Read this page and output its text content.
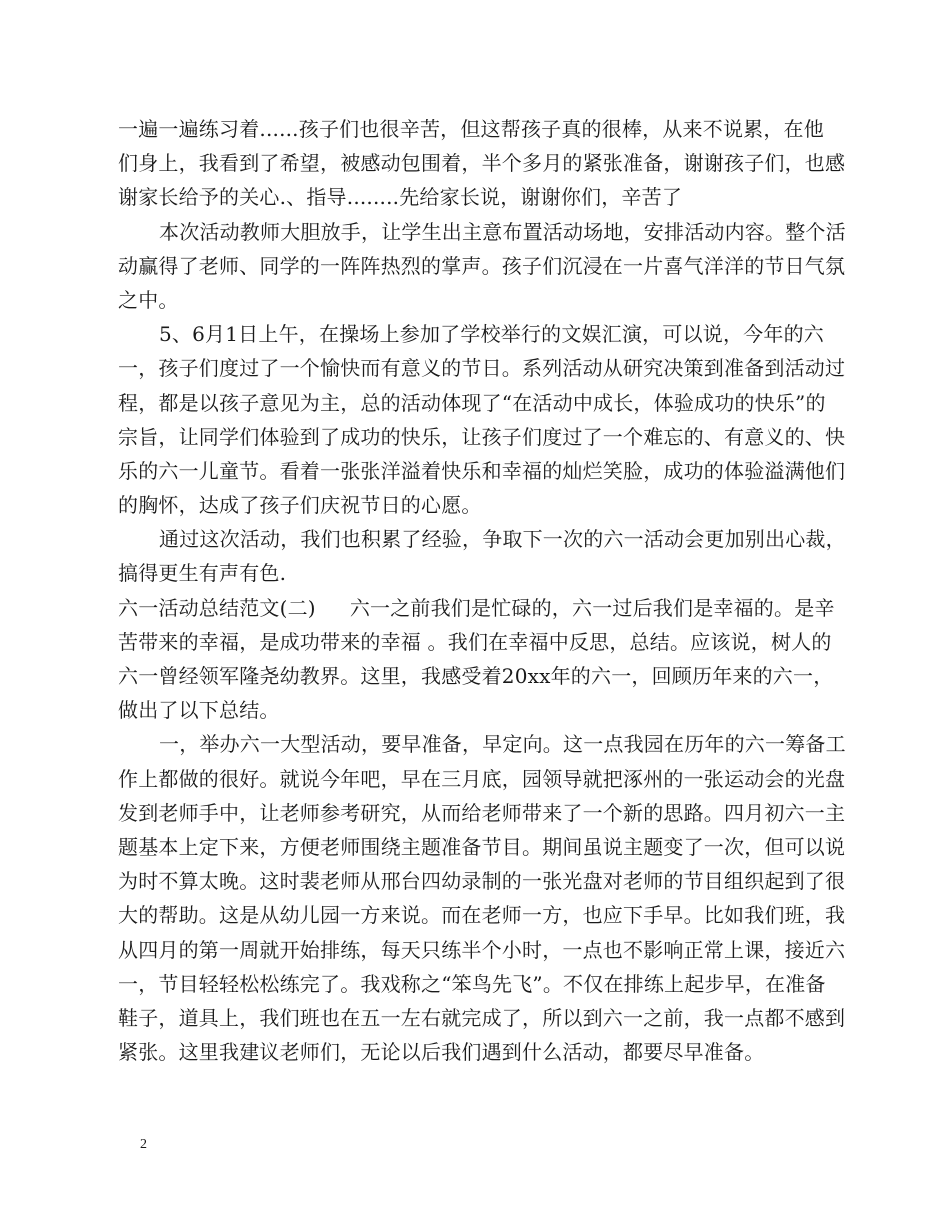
一遍一遍练习着......孩子们也很辛苦，但这帮孩子真的很棒，从来不说累，在他
们身上，我看到了希望，被感动包围着，半个多月的紧张准备，谢谢孩子们，也感
谢家长给予的关心.、指导........先给家长说，谢谢你们，辛苦了
本次活动教师大胆放手，让学生出主意布置活动场地，安排活动内容。整个活
动赢得了老师、同学的一阵阵热烈的掌声。孩子们沉浸在一片喜气洋洋的节日气氛
之中。
5、6月1日上午，在操场上参加了学校举行的文娱汇演，可以说，今年的六
一，孩子们度过了一个愉快而有意义的节日。系列活动从研究决策到准备到活动过
程，都是以孩子意见为主，总的活动体现了“在活动中成长，体验成功的快乐”的
宗旨，让同学们体验到了成功的快乐，让孩子们度过了一个难忘的、有意义的、快
乐的六一儿童节。看着一张张洋溢着快乐和幸福的灿烂笑脸，成功的体验溢满他们
的胸怀，达成了孩子们庆祝节日的心愿。
通过这次活动，我们也积累了经验，争取下一次的六一活动会更加别出心裁，
搞得更生有声有色.
六一活动总结范文(二) 六一之前我们是忙碌的，六一过后我们是幸福的。是辛
苦带来的幸福，是成功带来的幸福 。我们在幸福中反思，总结。应该说，树人的
六一曾经领军隆尧幼教界。这里，我感受着20xx年的六一，回顾历年来的六一，
做出了以下总结。
一，举办六一大型活动，要早准备，早定向。这一点我园在历年的六一筹备工
作上都做的很好。就说今年吧，早在三月底，园领导就把涿州的一张运动会的光盘
发到老师手中，让老师参考研究，从而给老师带来了一个新的思路。四月初六一主
题基本上定下来，方便老师围绕主题准备节目。期间虽说主题变了一次，但可以说
为时不算太晚。这时裴老师从邢台四幼录制的一张光盘对老师的节目组织起到了很
大的帮助。这是从幼儿园一方来说。而在老师一方，也应下手早。比如我们班，我
从四月的第一周就开始排练，每天只练半个小时，一点也不影响正常上课，接近六
一，节目轻轻松松练完了。我戏称之“笨鸟先飞”。不仅在排练上起步早，在准备
鞋子，道具上，我们班也在五一左右就完成了，所以到六一之前，我一点都不感到
紧张。这里我建议老师们，无论以后我们遇到什么活动，都要尽早准备。
2
